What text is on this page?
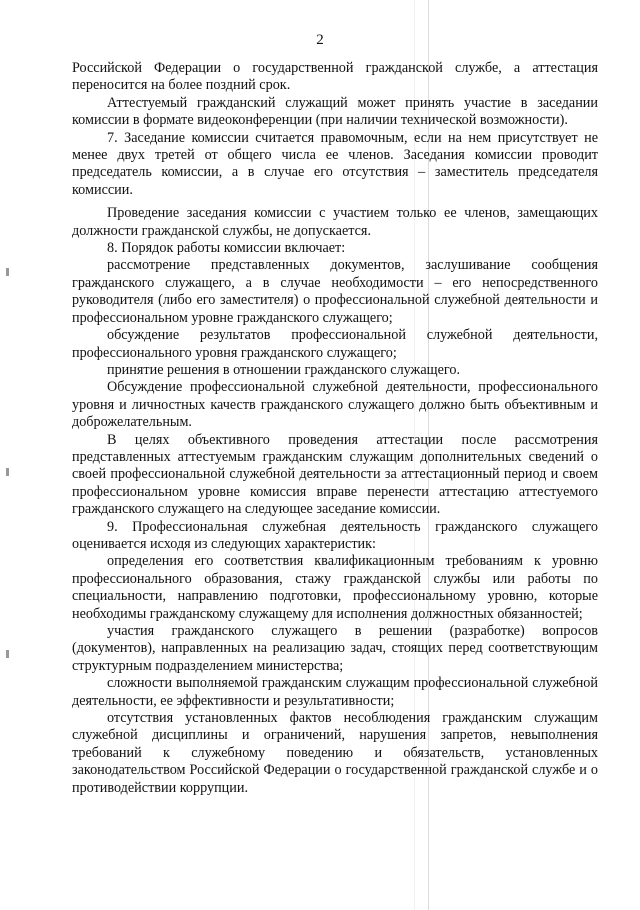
2

Российской Федерации о государственной гражданской службе, а аттестация переносится на более поздний срок.

Аттестуемый гражданский служащий может принять участие в заседании комиссии в формате видеоконференции (при наличии технической возможности).

7. Заседание комиссии считается правомочным, если на нем присутствует не менее двух третей от общего числа ее членов. Заседания комиссии проводит председатель комиссии, а в случае его отсутствия – заместитель председателя комиссии.

Проведение заседания комиссии с участием только ее членов, замещающих должности гражданской службы, не допускается.

8. Порядок работы комиссии включает:

рассмотрение представленных документов, заслушивание сообщения гражданского служащего, а в случае необходимости – его непосредственного руководителя (либо его заместителя) о профессиональной служебной деятельности и профессиональном уровне гражданского служащего;

обсуждение результатов профессиональной служебной деятельности, профессионального уровня гражданского служащего;

принятие решения в отношении гражданского служащего.

Обсуждение профессиональной служебной деятельности, профессионального уровня и личностных качеств гражданского служащего должно быть объективным и доброжелательным.

В целях объективного проведения аттестации после рассмотрения представленных аттестуемым гражданским служащим дополнительных сведений о своей профессиональной служебной деятельности за аттестационный период и своем профессиональном уровне комиссия вправе перенести аттестацию аттестуемого гражданского служащего на следующее заседание комиссии.

9. Профессиональная служебная деятельность гражданского служащего оценивается исходя из следующих характеристик:

определения его соответствия квалификационным требованиям к уровню профессионального образования, стажу гражданской службы или работы по специальности, направлению подготовки, профессиональному уровню, которые необходимы гражданскому служащему для исполнения должностных обязанностей;

участия гражданского служащего в решении (разработке) вопросов (документов), направленных на реализацию задач, стоящих перед соответствующим структурным подразделением министерства;

сложности выполняемой гражданским служащим профессиональной служебной деятельности, ее эффективности и результативности;

отсутствия установленных фактов несоблюдения гражданским служащим служебной дисциплины и ограничений, нарушения запретов, невыполнения требований к служебному поведению и обязательств, установленных законодательством Российской Федерации о государственной гражданской службе и о противодействии коррупции.
